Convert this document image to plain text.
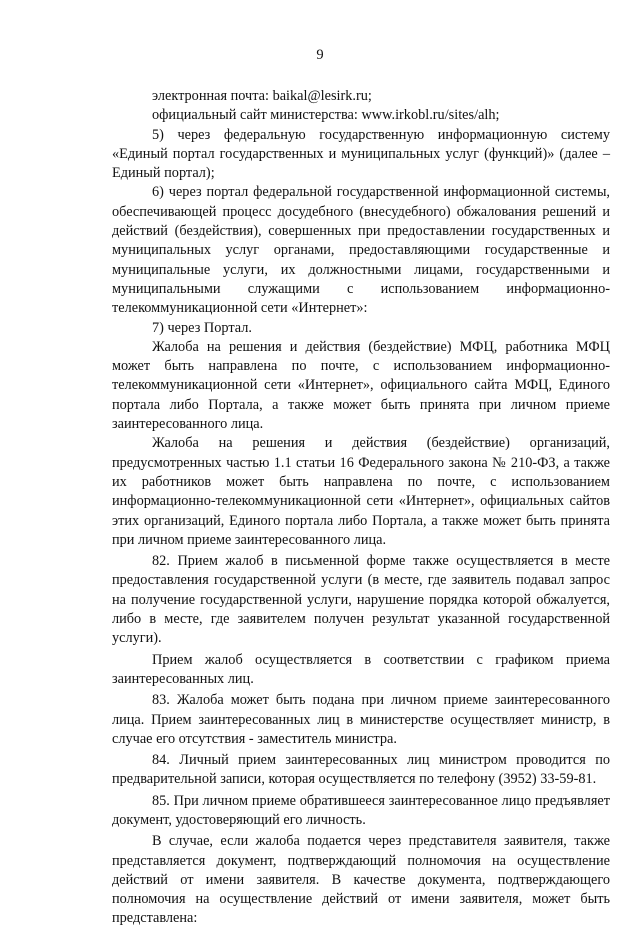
9

электронная почта: baikal@lesirk.ru;

официальный сайт министерства: www.irkobl.ru/sites/alh;

5) через федеральную государственную информационную систему «Единый портал государственных и муниципальных услуг (функций)» (далее – Единый портал);

6) через портал федеральной государственной информационной системы, обеспечивающей процесс досудебного (внесудебного) обжалования решений и действий (бездействия), совершенных при предоставлении государственных и муниципальных услуг органами, предоставляющими государственные и муниципальные услуги, их должностными лицами, государственными и муниципальными служащими с использованием информационно-телекоммуникационной сети «Интернет»:

7) через Портал.

Жалоба на решения и действия (бездействие) МФЦ, работника МФЦ может быть направлена по почте, с использованием информационно-телекоммуникационной сети «Интернет», официального сайта МФЦ, Единого портала либо Портала, а также может быть принята при личном приеме заинтересованного лица.

Жалоба на решения и действия (бездействие) организаций, предусмотренных частью 1.1 статьи 16 Федерального закона № 210-ФЗ, а также их работников может быть направлена по почте, с использованием информационно-телекоммуникационной сети «Интернет», официальных сайтов этих организаций, Единого портала либо Портала, а также может быть принята при личном приеме заинтересованного лица.

82. Прием жалоб в письменной форме также осуществляется в месте предоставления государственной услуги (в месте, где заявитель подавал запрос на получение государственной услуги, нарушение порядка которой обжалуется, либо в месте, где заявителем получен результат указанной государственной услуги).

Прием жалоб осуществляется в соответствии с графиком приема заинтересованных лиц.

83. Жалоба может быть подана при личном приеме заинтересованного лица. Прием заинтересованных лиц в министерстве осуществляет министр, в случае его отсутствия - заместитель министра.

84. Личный прием заинтересованных лиц министром проводится по предварительной записи, которая осуществляется по телефону (3952) 33-59-81.

85. При личном приеме обратившееся заинтересованное лицо предъявляет документ, удостоверяющий его личность.

В случае, если жалоба подается через представителя заявителя, также представляется документ, подтверждающий полномочия на осуществление действий от имени заявителя. В качестве документа, подтверждающего полномочия на осуществление действий от имени заявителя, может быть представлена:
